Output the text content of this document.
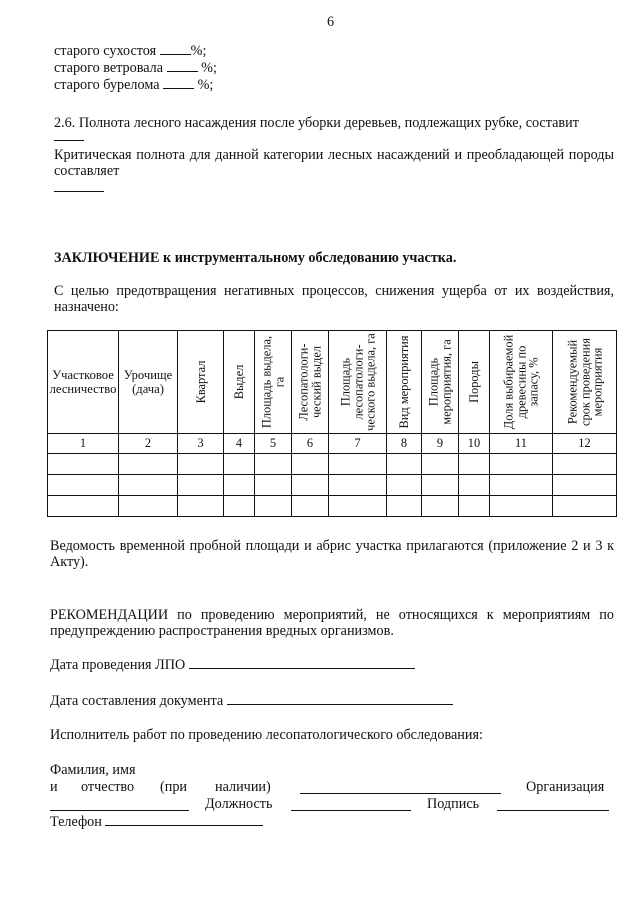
6
старого сухостоя %;
старого ветровала	%;
старого бурелома	%;
2.6. Полнота лесного насаждения после уборки деревьев, подлежащих рубке, составит
Критическая полнота для данной категории лесных насаждений и преобладающей породы составляет
ЗАКЛЮЧЕНИЕ к инструментальному обследованию участка.
С целью предотвращения негативных процессов, снижения ущерба от их воздействия, назначено:
Участковое лесничество	Урочище (дача)	Квартал	Выдел	Площадь выдела, га	Лесопатологи-ческий выдел	Площадь лесопатологи-ческого выдела, га	Вид мероприятия	Площадь мероприятия, га	Породы	Доля выбираемой древесины по запасу, %	Рекомендуемый срок проведения мероприятия

1	2	3	4	5	6	7	8	9	10	11	12

Ведомость временной пробной площади и абрис участка прилагаются (приложение 2 и 3 к Акту).
РЕКОМЕНДАЦИИ по проведению мероприятий, не относящихся к мероприятиям по предупреждению распространения вредных организмов.
Дата проведения ЛПО
Дата составления документа
Исполнитель работ по проведению лесопатологического обследования:
Фамилия, имя
и отчество (при наличии)	Организация
Должность	Подпись
Телефон
